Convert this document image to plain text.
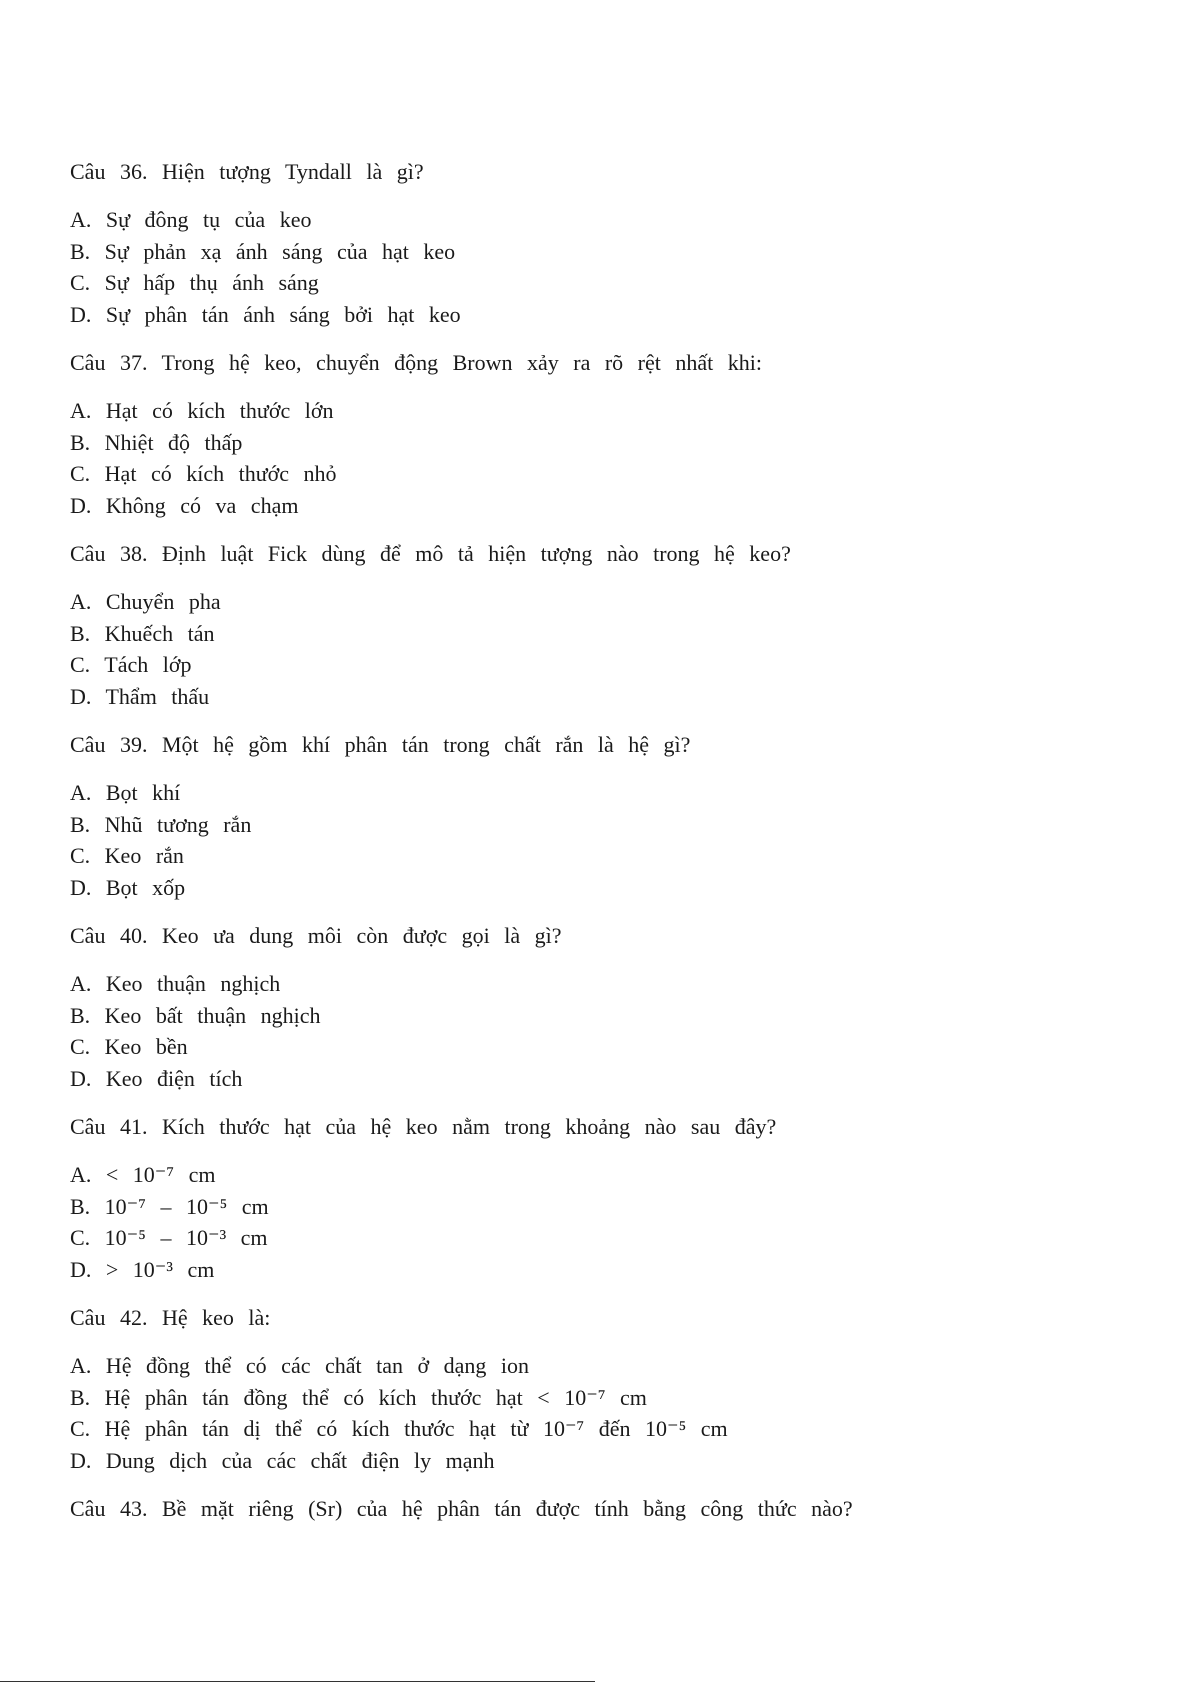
Câu 36. Hiện tượng Tyndall là gì?
A. Sự đông tụ của keo
B. Sự phản xạ ánh sáng của hạt keo
C. Sự hấp thụ ánh sáng
D. Sự phân tán ánh sáng bởi hạt keo
Câu 37. Trong hệ keo, chuyển động Brown xảy ra rõ rệt nhất khi:
A. Hạt có kích thước lớn
B. Nhiệt độ thấp
C. Hạt có kích thước nhỏ
D. Không có va chạm
Câu 38. Định luật Fick dùng để mô tả hiện tượng nào trong hệ keo?
A. Chuyển pha
B. Khuếch tán
C. Tách lớp
D. Thẩm thấu
Câu 39. Một hệ gồm khí phân tán trong chất rắn là hệ gì?
A. Bọt khí
B. Nhũ tương rắn
C. Keo rắn
D. Bọt xốp
Câu 40. Keo ưa dung môi còn được gọi là gì?
A. Keo thuận nghịch
B. Keo bất thuận nghịch
C. Keo bền
D. Keo điện tích
Câu 41. Kích thước hạt của hệ keo nằm trong khoảng nào sau đây?
A. < 10⁻⁷ cm
B. 10⁻⁷ – 10⁻⁵ cm
C. 10⁻⁵ – 10⁻³ cm
D. > 10⁻³ cm
Câu 42. Hệ keo là:
A. Hệ đồng thể có các chất tan ở dạng ion
B. Hệ phân tán đồng thể có kích thước hạt < 10⁻⁷ cm
C. Hệ phân tán dị thể có kích thước hạt từ 10⁻⁷ đến 10⁻⁵ cm
D. Dung dịch của các chất điện ly mạnh
Câu 43. Bề mặt riêng (Sr) của hệ phân tán được tính bằng công thức nào?
